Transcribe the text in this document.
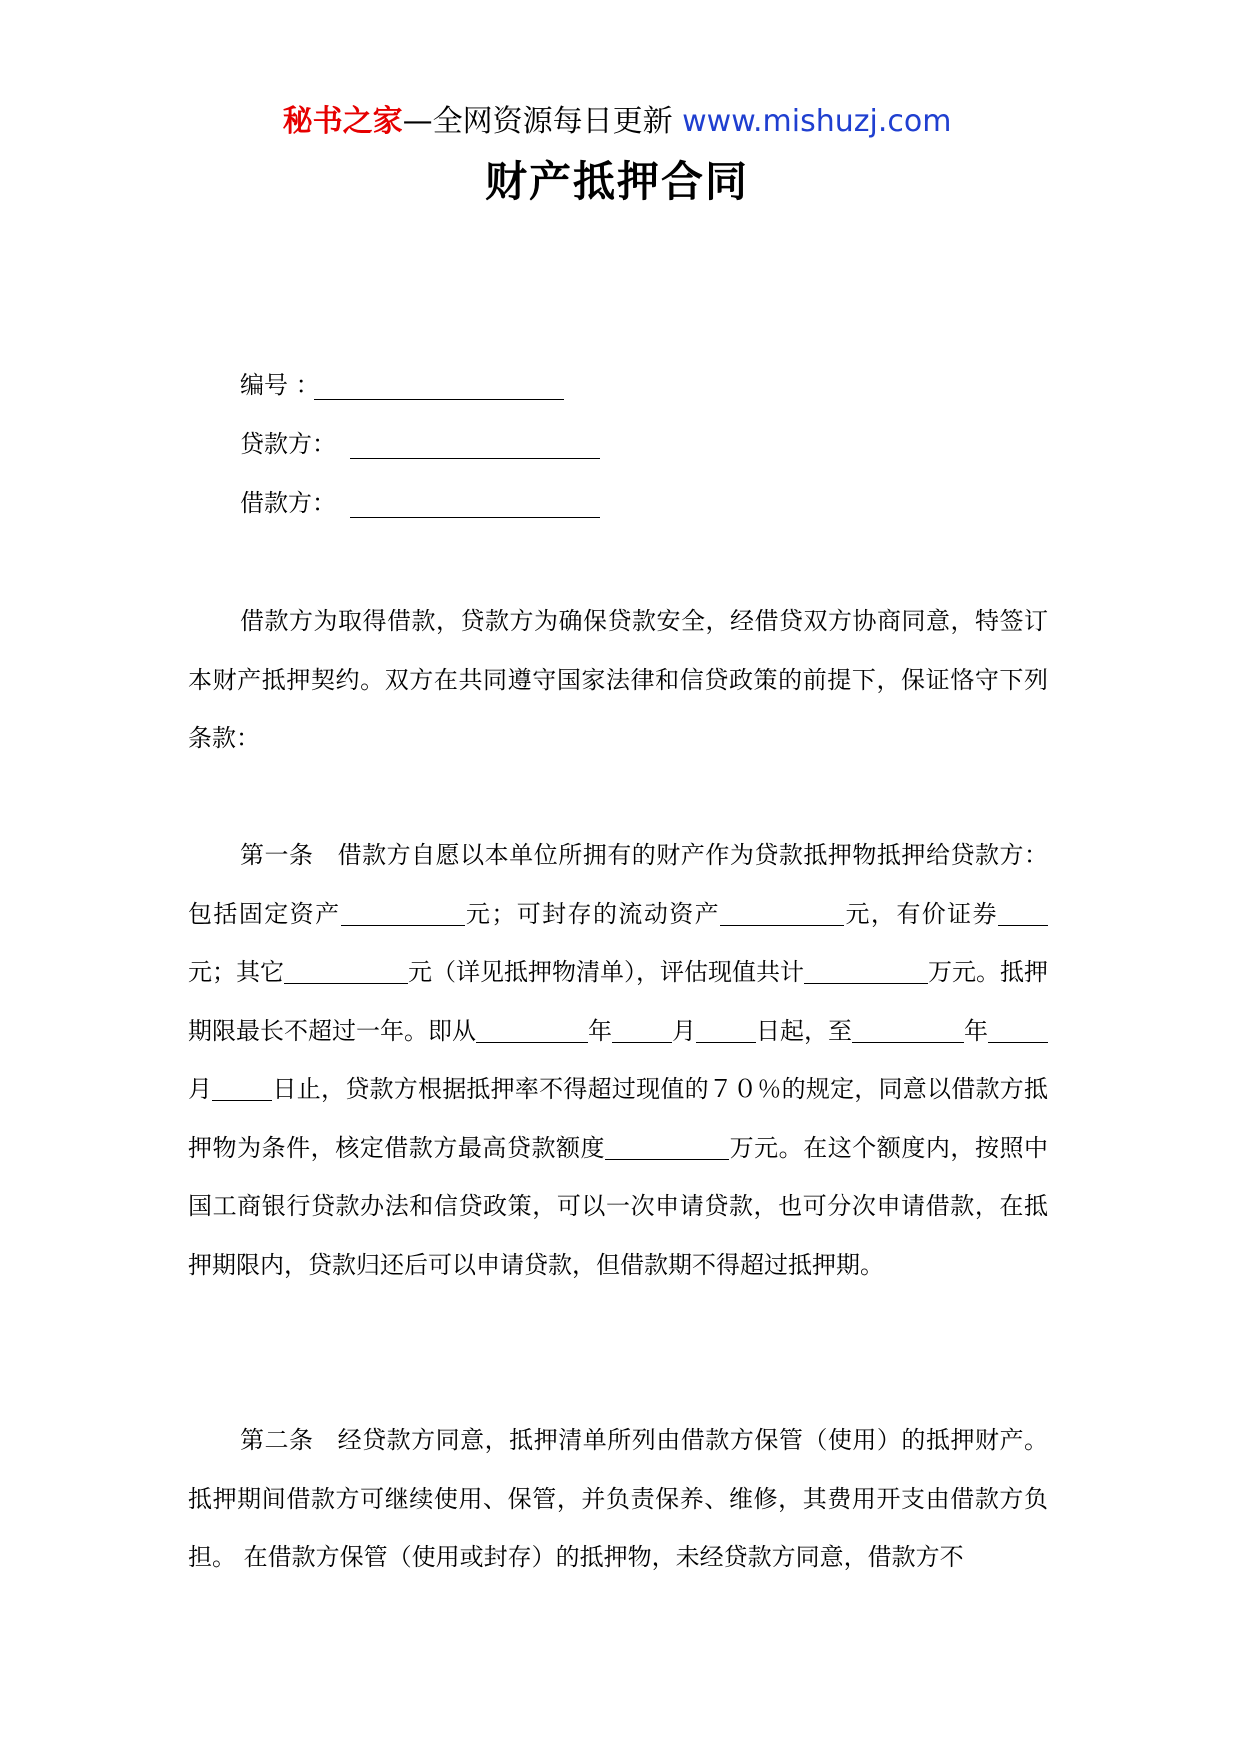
秘书之家—全网资源每日更新 www.mishuzj.com
财产抵押合同
编号 ：
贷款方：
借款方：
借款方为取得借款，贷款方为确保贷款安全，经借贷双方协商同意，特签订本财产抵押契约。双方在共同遵守国家法律和信贷政策的前提下，保证恪守下列条款：
第一条 借款方自愿以本单位所拥有的财产作为贷款抵押物抵押给贷款方：包括固定资产	元；可封存的流动资产	元，有价证券元；其它	元（详见抵押物清单），评估现值共计	万元。抵押期限最长不超过一年。即从	年	月	日起，至	年月	日止，贷款方根据抵押率不得超过现值的７０％的规定，同意以借款方抵押物为条件，核定借款方最高贷款额度	万元。在这个额度内，按照中国工商银行贷款办法和信贷政策，可以一次申请贷款，也可分次申请借款，在抵押期限内，贷款归还后可以申请贷款，但借款期不得超过抵押期。
第二条 经贷款方同意，抵押清单所列由借款方保管（使用）的抵押财产。抵押期间借款方可继续使用、保管，并负责保养、维修，其费用开支由借款方负担。 在借款方保管（使用或封存）的抵押物，未经贷款方同意，借款方不
